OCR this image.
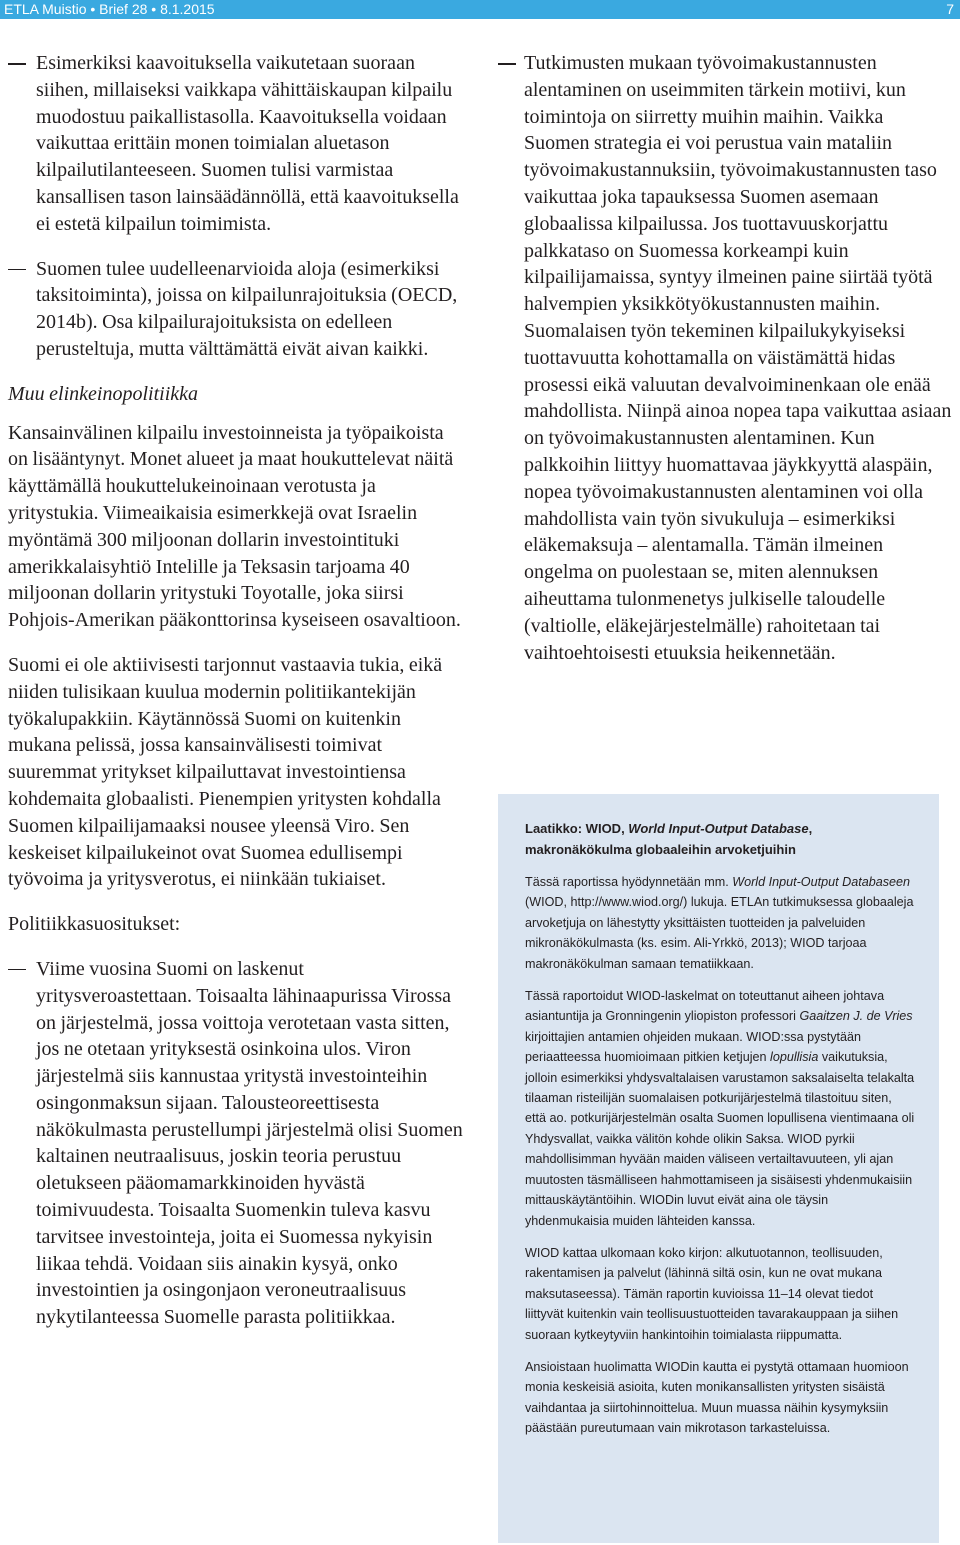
ETLA Muistio • Brief 28 • 8.1.2015	7
Esimerkiksi kaavoituksella vaikutetaan suoraan siihen, millaiseksi vaikkapa vähittäiskaupan kilpailu muodostuu paikallistasolla. Kaavoituksella voidaan vaikuttaa erittäin monen toimialan aluetason kilpailutilanteeseen. Suomen tulisi varmistaa kansallisen tason lainsäädännöllä, että kaavoituksella ei estetä kilpailun toimimista.
Suomen tulee uudelleenarvioida aloja (esimerkiksi taksitoiminta), joissa on kilpailunrajoituksia (OECD, 2014b). Osa kilpailurajoituksista on edelleen perusteltuja, mutta välttämättä eivät aivan kaikki.
Muu elinkeinopolitiikka

Kansainvälinen kilpailu investoinneista ja työpaikoista on lisääntynyt. Monet alueet ja maat houkuttelevat näitä käyttämällä houkuttelukeinoinaan verotusta ja yritystukia. Viimeaikaisia esimerkkejä ovat Israelin myöntämä 300 miljoonan dollarin investointituki amerikkalaisyhtiö Intelille ja Teksasin tarjoama 40 miljoonan dollarin yritystuki Toyotalle, joka siirsi Pohjois-Amerikan pääkonttorinsa kyseiseen osavaltioon.

Suomi ei ole aktiivisesti tarjonnut vastaavia tukia, eikä niiden tulisikaan kuulua modernin politiikantekijän työkalupakkiin. Käytännössä Suomi on kuitenkin mukana pelissä, jossa kansainvälisesti toimivat suuremmat yritykset kilpailuttavat investointiensa kohdemaita globaalisti. Pienempien yritysten kohdalla Suomen kilpailijamaaksi nousee yleensä Viro. Sen keskeiset kilpailukeinot ovat Suomea edullisempi työvoima ja yritysverotus, ei niinkään tukiaiset.

Politiikkasuositukset:

Viime vuosina Suomi on laskenut yritysveroastettaan. Toisaalta lähinaapurissa Virossa on järjestelmä, jossa voittoja verotetaan vasta sitten, jos ne otetaan yrityksestä osinkoina ulos. Viron järjestelmä siis kannustaa yritystä investointeihin osingonmaksun sijaan. Talousteoreettisesta näkökulmasta perustellumpi järjestelmä olisi Suomen kaltainen neutraalisuus, joskin teoria perustuu oletukseen pääomamarkkinoiden hyvästä toimivuudesta. Toisaalta Suomenkin tuleva kasvu tarvitsee investointeja, joita ei Suomessa nykyisin liikaa tehdä. Voidaan siis ainakin kysyä, onko investointien ja osingonjaon veroneutraalisuus nykytilanteessa Suomelle parasta politiikkaa.
Tutkimusten mukaan työvoimakustannusten alentaminen on useimmiten tärkein motiivi, kun toimintoja on siirretty muihin maihin. Vaikka Suomen strategia ei voi perustua vain mataliin työvoimakustannuksiin, työvoimakustannusten taso vaikuttaa joka tapauksessa Suomen asemaan globaalissa kilpailussa. Jos tuottavuuskorjattu palkkataso on Suomessa korkeampi kuin kilpailijamaissa, syntyy ilmeinen paine siirtää työtä halvempien yksikkötyökustannusten maihin. Suomalaisen työn tekeminen kilpailukykyiseksi tuottavuutta kohottamalla on väistämättä hidas prosessi eikä valuutan devalvoiminenkaan ole enää mahdollista. Niinpä ainoa nopea tapa vaikuttaa asiaan on työvoimakustannusten alentaminen. Kun palkkoihin liittyy huomattavaa jäykkyyttä alaspäin, nopea työvoimakustannusten alentaminen voi olla mahdollista vain työn sivukuluja – esimerkiksi eläkemaksuja – alentamalla. Tämän ilmeinen ongelma on puolestaan se, miten alennuksen aiheuttama tulonmenetys julkiselle taloudelle (valtiolle, eläkejärjestelmälle) rahoitetaan tai vaihtoehtoisesti etuuksia heikennetään.
Laatikko: WIOD, World Input-Output Database, makronäkökulma globaaleihin arvoketjuihin

Tässä raportissa hyödynnetään mm. World Input-Output Databaseen (WIOD, http://www.wiod.org/) lukuja. ETLAn tutkimuksessa globaaleja arvoketjuja on lähestytty yksittäisten tuotteiden ja palveluiden mikronäkökulmasta (ks. esim. Ali-Yrkkö, 2013); WIOD tarjoaa makronäkökulman samaan tematiikkaan.

Tässä raportoidut WIOD-laskelmat on toteuttanut aiheen johtava asiantuntija ja Gronningenin yliopiston professori Gaaitzen J. de Vries kirjoittajien antamien ohjeiden mukaan. WIOD:ssa pystytään periaatteessa huomioimaan pitkien ketjujen lopullisia vaikutuksia, jolloin esimerkiksi yhdysvaltalaisen varustamon saksalaiselta telakalta tilaaman risteilijän suomalaisen potkurijärjestelmä tilastoituu siten, että ao. potkurijärjestelmän osalta Suomen lopullisena vientimaana oli Yhdysvallat, vaikka välitön kohde olikin Saksa. WIOD pyrkii mahdollisimman hyvään maiden väliseen vertailtavuuteen, yli ajan muutosten täsmälliseen hahmottamiseen ja sisäisesti yhdenmukaisiin mittauskäytäntöihin. WIODin luvut eivät aina ole täysin yhdenmukaisia muiden lähteiden kanssa.

WIOD kattaa ulkomaan koko kirjon: alkutuotannon, teollisuuden, rakentamisen ja palvelut (lähinnä siltä osin, kun ne ovat mukana maksutaseessa). Tämän raportin kuvioissa 11–14 olevat tiedot liittyvät kuitenkin vain teollisuustuotteiden tavarakauppaan ja siihen suoraan kytkeytyviin hankintoihin toimialasta riippumatta.

Ansioistaan huolimatta WIODin kautta ei pystytä ottamaan huomioon monia keskeisiä asioita, kuten monikansallisten yritysten sisäistä vaihdantaa ja siirtohinnoittelua. Muun muassa näihin kysymyksiin päästään pureutumaan vain mikrotason tarkasteluissa.
